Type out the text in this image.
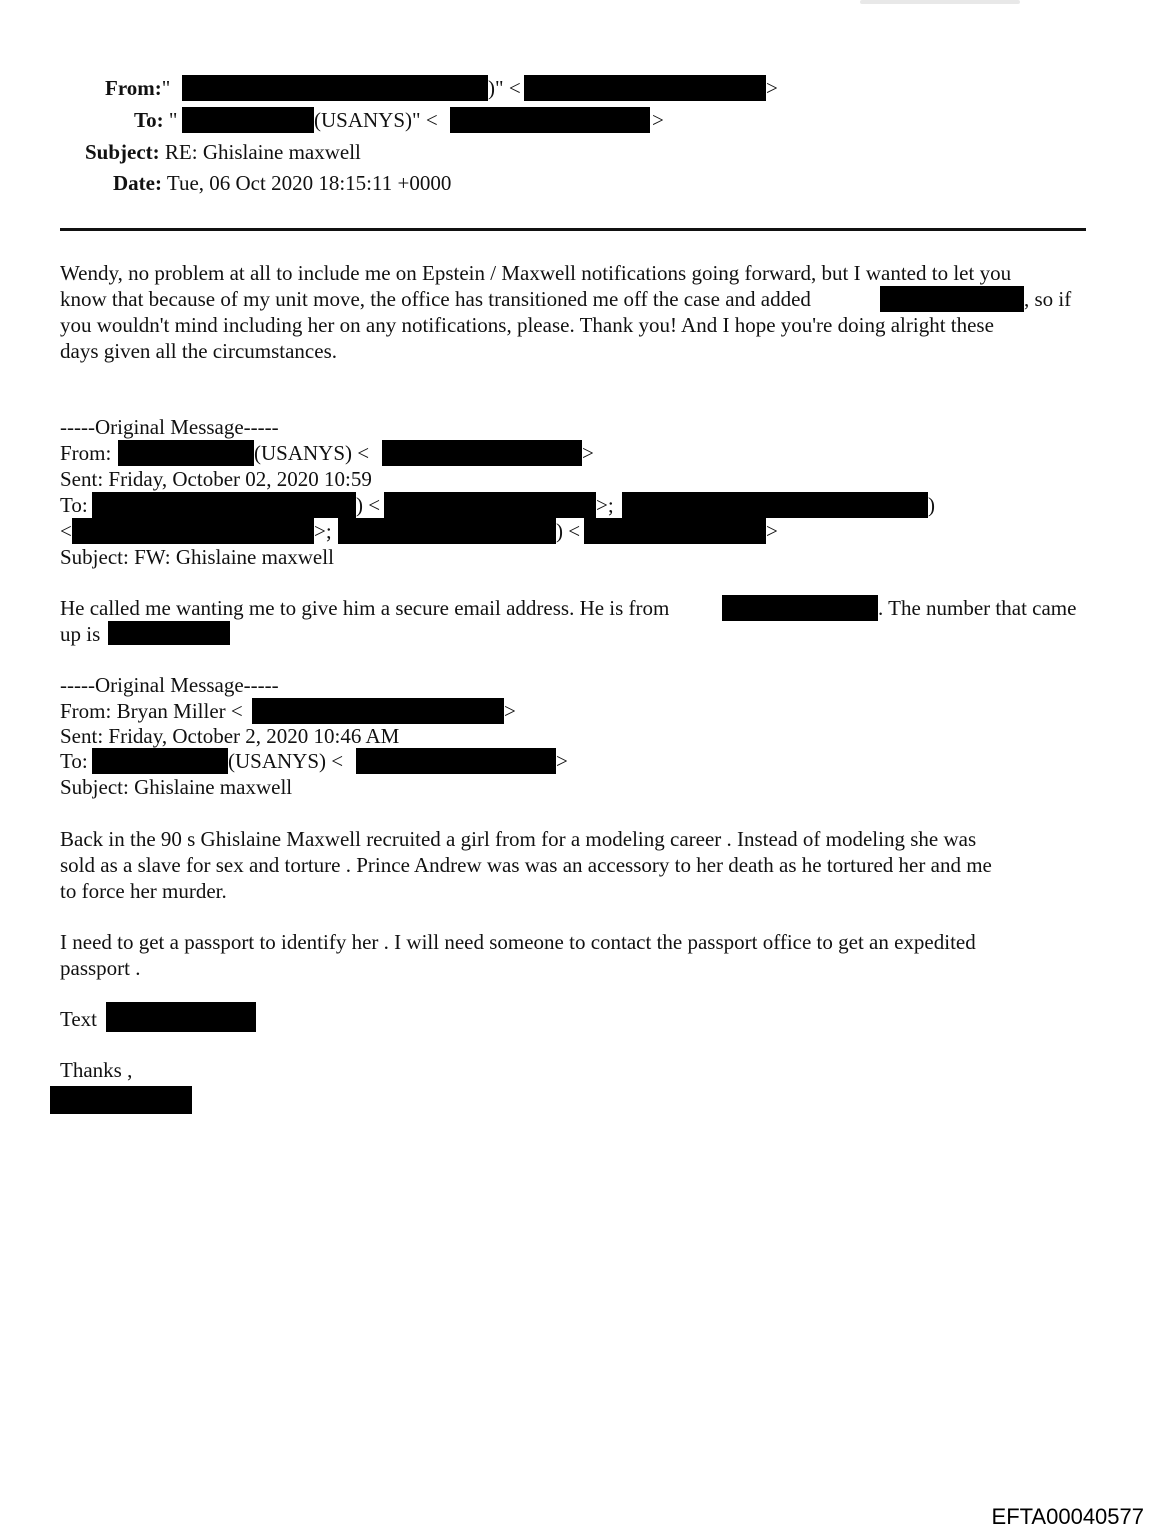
From:"	)" <	>
To: "	(USANYS)" <	>
Subject: RE: Ghislaine maxwell
Date: Tue, 06 Oct 2020 18:15:11 +0000
Wendy, no problem at all to include me on Epstein / Maxwell notifications going forward, but I wanted to let you
know that because of my unit move, the office has transitioned me off the case and added	, so if
you wouldn't mind including her on any notifications, please. Thank you! And I hope you're doing alright these
days given all the circumstances.
-----Original Message-----
From:	(USANYS) <	>
Sent: Friday, October 02, 2020 10:59
To:	) <	>;	)
<	>;	) <	>
Subject: FW: Ghislaine maxwell
He called me wanting me to give him a secure email address. He is from	. The number that came
up is
-----Original Message-----
From: Bryan Miller <	>
Sent: Friday, October 2, 2020 10:46 AM
To:	(USANYS) <	>
Subject: Ghislaine maxwell
Back in the 90 s Ghislaine Maxwell recruited a girl from for a modeling career . Instead of modeling she was
sold as a slave for sex and torture . Prince Andrew was was an accessory to her death as he tortured her and me
to force her murder.
I need to get a passport to identify her . I will need someone to contact the passport office to get an expedited
passport .
Text
Thanks ,
EFTA00040577
